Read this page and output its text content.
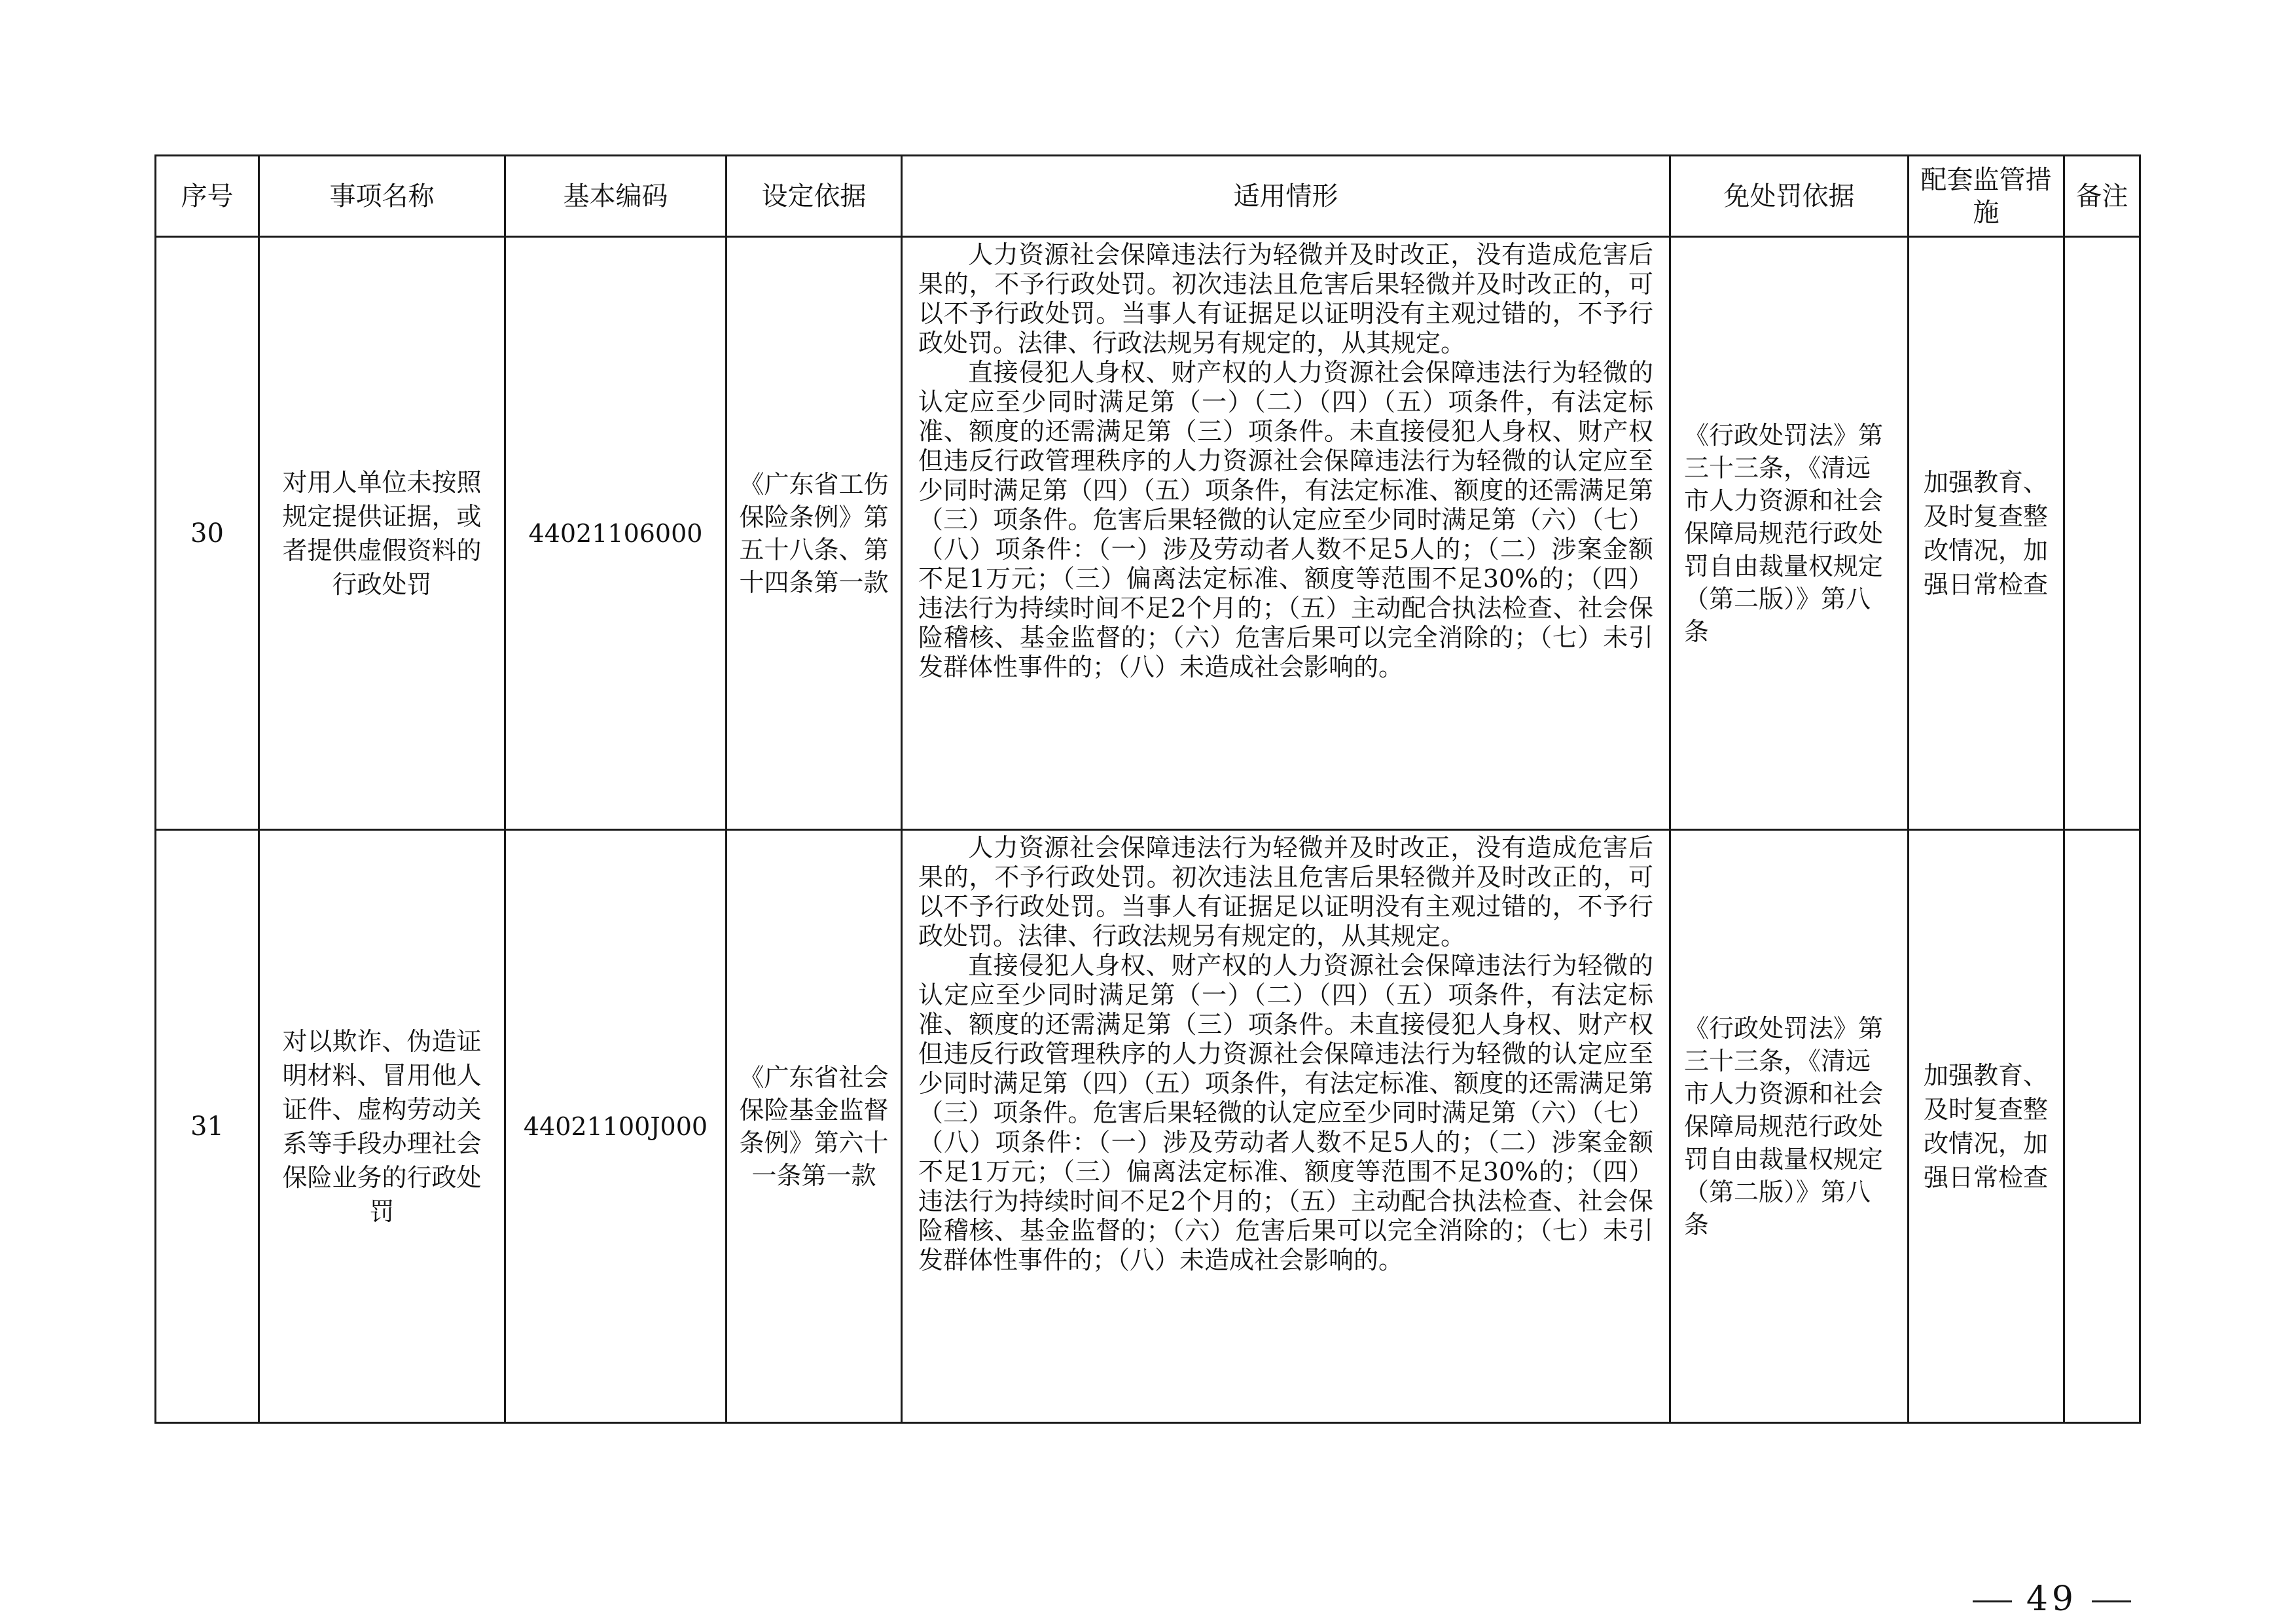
序号	事项名称	基本编码	设定依据	适用情形	免处罚依据	配套监管措施	备注
30	对用人单位未按照规定提供证据，或者提供虚假资料的行政处罚	44021106000	《广东省工伤保险条例》第五十八条、第十四条第一款	人力资源社会保障违法行为轻微并及时改正，没有造成危害后果的，不予行政处罚。初次违法且危害后果轻微并及时改正的，可以不予行政处罚。当事人有证据足以证明没有主观过错的，不予行政处罚。法律、行政法规另有规定的，从其规定。

直接侵犯人身权、财产权的人力资源社会保障违法行为轻微的认定应至少同时满足第（一）（二）（四）（五）项条件，有法定标准、额度的还需满足第（三）项条件。未直接侵犯人身权、财产权但违反行政管理秩序的人力资源社会保障违法行为轻微的认定应至少同时满足第（四）（五）项条件，有法定标准、额度的还需满足第（三）项条件。危害后果轻微的认定应至少同时满足第（六）（七）（八）项条件：（一）涉及劳动者人数不足5人的；（二）涉案金额不足1万元；（三）偏离法定标准、额度等范围不足30%的；（四）违法行为持续时间不足2个月的；（五）主动配合执法检查、社会保险稽核、基金监督的；（六）危害后果可以完全消除的；（七）未引发群体性事件的；（八）未造成社会影响的。	《行政处罚法》第三十三条，《清远市人力资源和社会保障局规范行政处罚自由裁量权规定（第二版）》第八条	加强教育、及时复查整改情况，加强日常检查	
31	对以欺诈、伪造证明材料、冒用他人证件、虚构劳动关系等手段办理社会保险业务的行政处罚	44021100J000	《广东省社会保险基金监督条例》第六十一条第一款	人力资源社会保障违法行为轻微并及时改正，没有造成危害后果的，不予行政处罚。初次违法且危害后果轻微并及时改正的，可以不予行政处罚。当事人有证据足以证明没有主观过错的，不予行政处罚。法律、行政法规另有规定的，从其规定。

直接侵犯人身权、财产权的人力资源社会保障违法行为轻微的认定应至少同时满足第（一）（二）（四）（五）项条件，有法定标准、额度的还需满足第（三）项条件。未直接侵犯人身权、财产权但违反行政管理秩序的人力资源社会保障违法行为轻微的认定应至少同时满足第（四）（五）项条件，有法定标准、额度的还需满足第（三）项条件。危害后果轻微的认定应至少同时满足第（六）（七）（八）项条件：（一）涉及劳动者人数不足5人的；（二）涉案金额不足1万元；（三）偏离法定标准、额度等范围不足30%的；（四）违法行为持续时间不足2个月的；（五）主动配合执法检查、社会保险稽核、基金监督的；（六）危害后果可以完全消除的；（七）未引发群体性事件的；（八）未造成社会影响的。	《行政处罚法》第三十三条，《清远市人力资源和社会保障局规范行政处罚自由裁量权规定（第二版）》第八条	加强教育、及时复查整改情况，加强日常检查	
49
